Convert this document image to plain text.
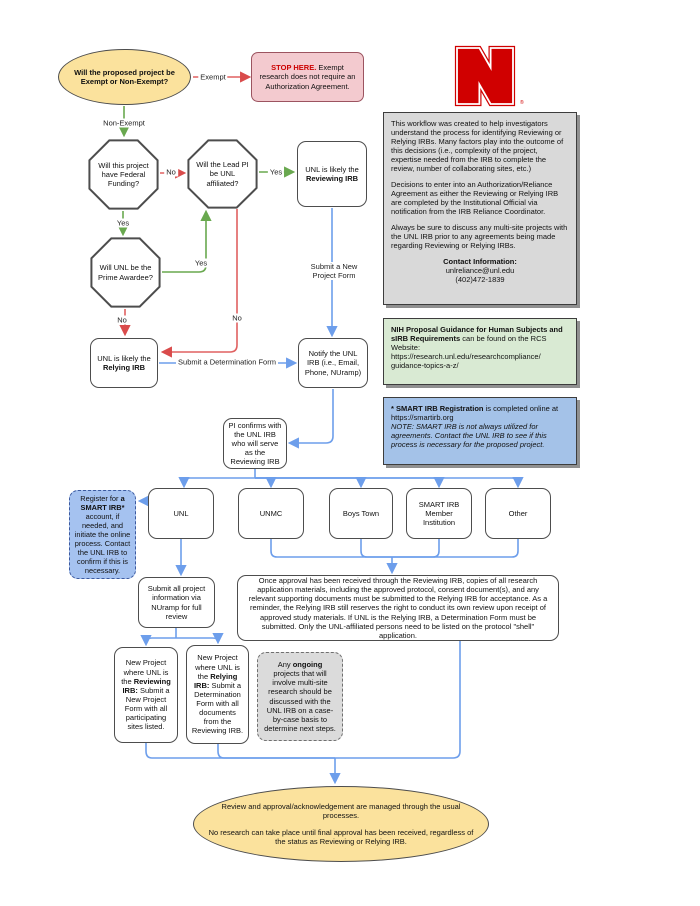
Will the proposed project be Exempt or Non-Exempt?
STOP HERE. Exempt research does not require an Authorization Agreement.
Will this project have Federal Funding?
Will the Lead PI be UNL affiliated?
UNL is likely the Reviewing IRB
Will UNL be the Prime Awardee?
UNL is likely the Relying IRB
Notify the UNL IRB (i.e., Email, Phone, NUramp)
PI confirms with the UNL IRB who will serve as the Reviewing IRB
UNL	UNMC	Boys Town
SMART IRB Member Institution
Other
Register for a SMART IRB* account, if needed, and initiate the online process. Contact the UNL IRB to confirm if this is necessary.
Submit all project information via NUramp for full review
New Project where UNL is the Reviewing IRB: Submit a New Project Form with all participating sites listed.
New Project where UNL is the Relying IRB: Submit a Determination Form with all documents from the Reviewing IRB.
Any ongoing projects that will involve multi-site research should be discussed with the UNL IRB on a case-by-case basis to determine next steps.
Once approval has been received through the Reviewing IRB, copies of all research application materials, including the approved protocol, consent document(s), and any relevant supporting documents must be submitted to the Relying IRB for acceptance. As a reminder, the Relying IRB still reserves the right to conduct its own review upon receipt of approved study materials. If UNL is the Relying IRB, a Determination Form must be submitted. Only the UNL-affiliated persons need to be listed on the protocol "shell" application.
Review and approval/acknowledgement are managed through the usual processes.
No research can take place until final approval has been received, regardless of the status as Reviewing or Relying IRB.
Exempt
Non-Exempt
No	Yes
Yes
Yes
No
No
Submit a New Project Form
Submit a Determination Form
®

This workflow was created to help investigators understand the process for identifying Reviewing or Relying IRBs. Many factors play into the outcome of this decisions (i.e., complexity of the project, expertise needed from the IRB to complete the review, number of collaborating sites, etc.)

Decisions to enter into an Authorization/Reliance Agreement as either the Reviewing or Relying IRB are completed by the Institutional Official via notification from the IRB Reliance Coordinator.

Always be sure to discuss any multi-site projects with the UNL IRB prior to any agreements being made regarding Reviewing or Relying IRBs.

Contact Information:
unlreliance@unl.edu
(402)472-1839
NIH Proposal Guidance for Human Subjects and sIRB Requirements can be found on the RCS Website:
https://research.unl.edu/researchcompliance/
guidance-topics-a-z/
* SMART IRB Registration is completed online at
https://smartirb.org
NOTE: SMART IRB is not always utilized for agreements. Contact the UNL IRB to see if this process is necessary for the proposed project.
